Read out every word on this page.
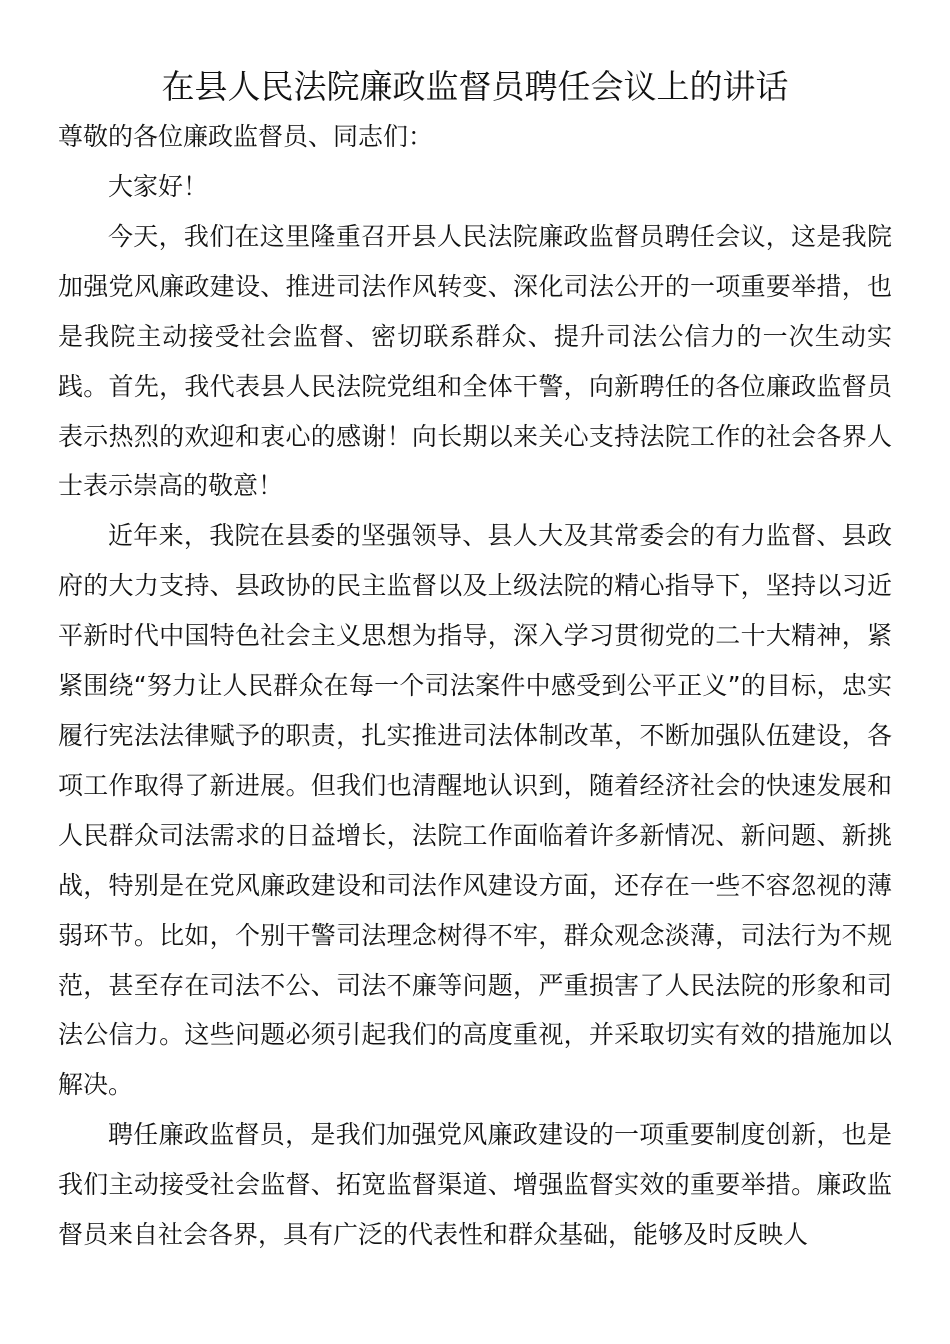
在县人民法院廉政监督员聘任会议上的讲话

尊敬的各位廉政监督员、同志们：

大家好！

今天，我们在这里隆重召开县人民法院廉政监督员聘任会议，这是我院加强党风廉政建设、推进司法作风转变、深化司法公开的一项重要举措，也是我院主动接受社会监督、密切联系群众、提升司法公信力的一次生动实践。首先，我代表县人民法院党组和全体干警，向新聘任的各位廉政监督员表示热烈的欢迎和衷心的感谢！向长期以来关心支持法院工作的社会各界人士表示崇高的敬意！

近年来，我院在县委的坚强领导、县人大及其常委会的有力监督、县政府的大力支持、县政协的民主监督以及上级法院的精心指导下，坚持以习近平新时代中国特色社会主义思想为指导，深入学习贯彻党的二十大精神，紧紧围绕“努力让人民群众在每一个司法案件中感受到公平正义”的目标，忠实履行宪法法律赋予的职责，扎实推进司法体制改革，不断加强队伍建设，各项工作取得了新进展。但我们也清醒地认识到，随着经济社会的快速发展和人民群众司法需求的日益增长，法院工作面临着许多新情况、新问题、新挑战，特别是在党风廉政建设和司法作风建设方面，还存在一些不容忽视的薄弱环节。比如，个别干警司法理念树得不牢，群众观念淡薄，司法行为不规范，甚至存在司法不公、司法不廉等问题，严重损害了人民法院的形象和司法公信力。这些问题必须引起我们的高度重视，并采取切实有效的措施加以解决。

聘任廉政监督员，是我们加强党风廉政建设的一项重要制度创新，也是我们主动接受社会监督、拓宽监督渠道、增强监督实效的重要举措。廉政监督员来自社会各界，具有广泛的代表性和群众基础，能够及时反映人
